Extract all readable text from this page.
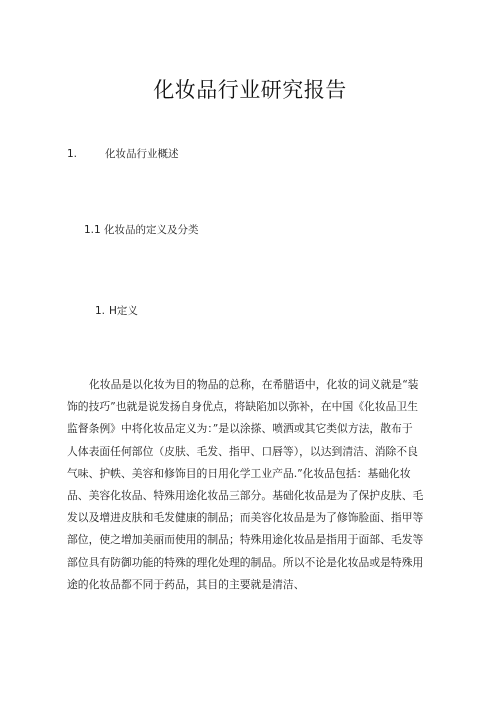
化妆品行业研究报告
1.	化妆品行业概述
1.1 化妆品的定义及分类
1. H定义
化妆品是以化妆为目的物品的总称，在希腊语中，化妆的词义就是“装
饰的技巧”也就是说发扬自身优点，将缺陷加以弥补，在中国《化妆品卫生
监督条例》中将化妆品定义为：”是以涂搽、喷洒或其它类似方法，散布于
人体表面任何部位（皮肤、毛发、指甲、口唇等），以达到清洁、消除不良
气味、护帙、美容和修饰目的日用化学工业产品.”化妆品包括：基础化妆
品、美容化妆品、特殊用途化妆品三部分。基础化妆品是为了保护皮肤、毛
发以及增进皮肤和毛发健康的制品；而美容化妆品是为了修饰脸面、指甲等
部位，使之增加美丽而使用的制品；特殊用途化妆品是指用于面部、毛发等
部位具有防御功能的特殊的理化处理的制品。所以不论是化妆品或是特殊用
途的化妆品都不同于药品，其目的主要就是清洁、
